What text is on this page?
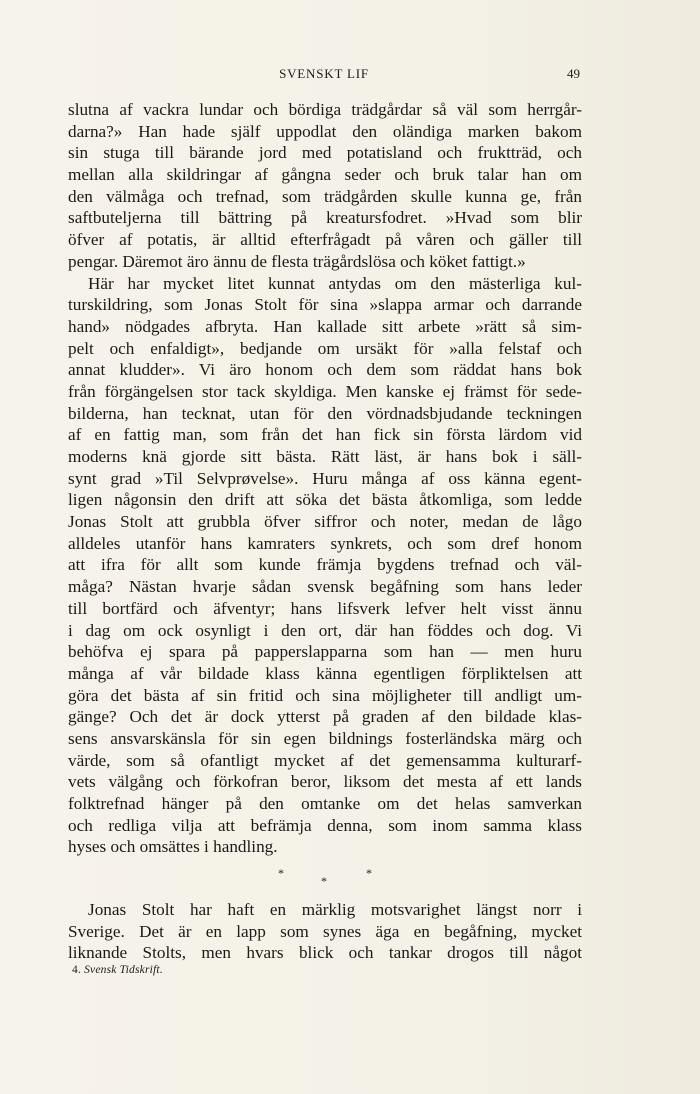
SVENSKT LIF	49
slutna af vackra lundar och bördiga trädgårdar så väl som herrgår-
darna?» Han hade själf uppodlat den oländiga marken bakom
sin stuga till bärande jord med potatisland och fruktträd, och
mellan alla skildringar af gångna seder och bruk talar han om
den välmåga och trefnad, som trädgården skulle kunna ge, från
saftbuteljerna till bättring på kreatursfodret. »Hvad som blir
öfver af potatis, är alltid efterfrågadt på våren och gäller till
pengar. Däremot äro ännu de flesta trägårdslösa och köket fattigt.»
Här har mycket litet kunnat antydas om den mästerliga kul-
turskildring, som Jonas Stolt för sina »slappa armar och darrande
hand» nödgades afbryta. Han kallade sitt arbete »rätt så sim-
pelt och enfaldigt», bedjande om ursäkt för »alla felstaf och
annat kludder». Vi äro honom och dem som räddat hans bok
från förgängelsen stor tack skyldiga. Men kanske ej främst för sede-
bilderna, han tecknat, utan för den vördnadsbjudande teckningen
af en fattig man, som från det han fick sin första lärdom vid
moderns knä gjorde sitt bästa. Rätt läst, är hans bok i säll-
synt grad »Til Selvprøvelse». Huru många af oss känna egent-
ligen någonsin den drift att söka det bästa åtkomliga, som ledde
Jonas Stolt att grubbla öfver siffror och noter, medan de lågo
alldeles utanför hans kamraters synkrets, och som dref honom
att ifra för allt som kunde främja bygdens trefnad och väl-
måga? Nästan hvarje sådan svensk begåfning som hans leder
till bortfärd och äfventyr; hans lifsverk lefver helt visst ännu
i dag om ock osynligt i den ort, där han föddes och dog. Vi
behöfva ej spara på papperslapparna som han — men huru
många af vår bildade klass känna egentligen förpliktelsen att
göra det bästa af sin fritid och sina möjligheter till andligt um-
gänge? Och det är dock ytterst på graden af den bildade klas-
sens ansvarskänsla för sin egen bildnings fosterländska märg och
värde, som så ofantligt mycket af det gemensamma kulturarf-
vets välgång och förkofran beror, liksom det mesta af ett lands
folktrefnad hänger på den omtanke om det helas samverkan
och redliga vilja att befrämja denna, som inom samma klass
hyses och omsättes i handling.
*
*
*
Jonas Stolt har haft en märklig motsvarighet längst norr i
Sverige. Det är en lapp som synes äga en begåfning, mycket
liknande Stolts, men hvars blick och tankar drogos till något
4. Svensk Tidskrift.
